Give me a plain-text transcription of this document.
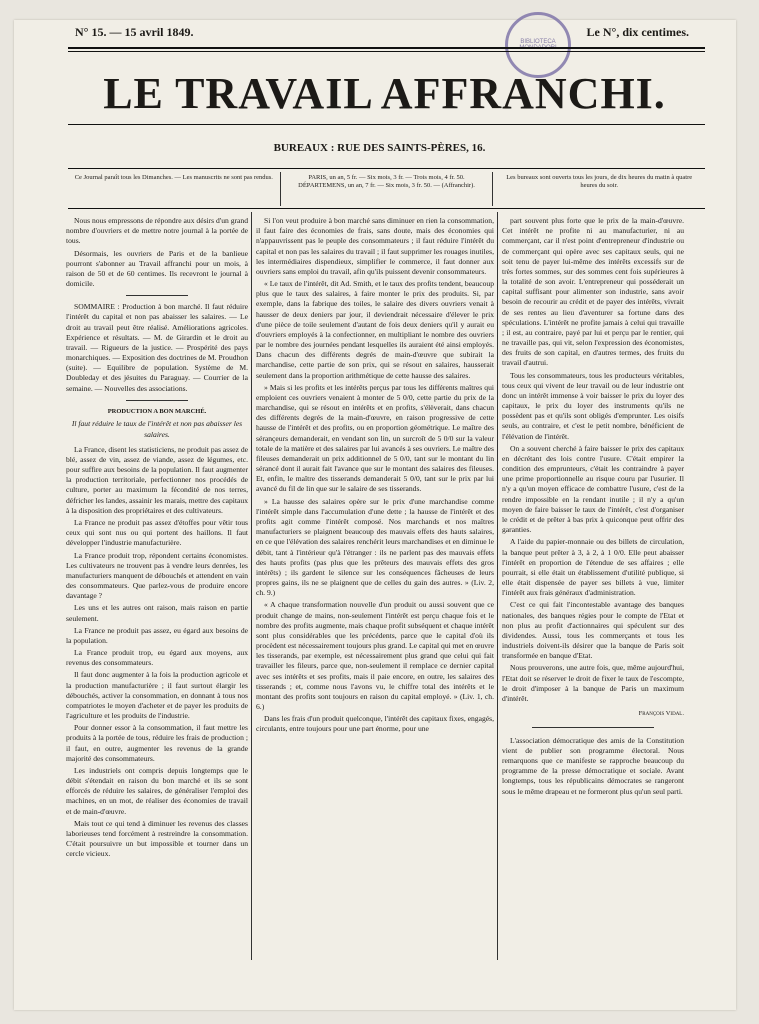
N° 15. — 15 avril 1849.	Le N°, dix centimes.
BIBLIOTECA
LE TRAVAIL AFFRANCHI.
BUREAUX : RUE DES SAINTS-PÈRES, 16.
Ce Journal paraît tous les Dimanches. — Les manuscrits ne sont pas rendus.	PARIS, un an, 5 fr. — Six mois, 3 fr. — Trois mois, 4 fr. 50. DÉPARTEMENS, un an, 7 fr. — Six mois, 3 fr. 50. — (Affranchir).
Les bureaux sont ouverts tous les jours, de dix heures du matin à quatre heures du soir.

Nous nous empressons de répondre aux désirs d'un grand nombre d'ouvriers et de mettre notre journal à la portée de tous.

Désormais, les ouvriers de Paris et de la banlieue pourront s'abonner au Travail affranchi pour un mois, à raison de 50 et de 60 centimes. Ils recevront le journal à domicile.

SOMMAIRE : Production à bon marché. Il faut réduire l'intérêt du capital et non pas abaisser les salaires. — Le droit au travail peut être réalisé. Améliorations agricoles. Expérience et résultats. — M. de Girardin et le droit au travail. — Rigueurs de la justice. — Prospérité des pays monarchiques. — Exposition des doctrines de M. Proudhon (suite). — Equilibre de population. Système de M. Doubleday et des jésuites du Paraguay. — Courrier de la semaine. — Nouvelles des associations.

PRODUCTION A BON MARCHÉ.

Il faut réduire le taux de l'intérêt et non pas abaisser les salaires.

La France, disent les statisticiens, ne produit pas assez de blé, assez de vin, assez de viande, assez de légumes, etc. pour suffire aux besoins de la population. Il faut augmenter la production territoriale, perfectionner nos procédés de culture, porter au maximum la fécondité de nos terres, défricher les landes, assainir les marais, mettre des capitaux à la disposition des propriétaires et des cultivateurs.

La France ne produit pas assez d'étoffes pour vêtir tous ceux qui sont nus ou qui portent des haillons. Il faut développer l'industrie manufacturière.

La France produit trop, répondent certains économistes. Les cultivateurs ne trouvent pas à vendre leurs denrées, les manufacturiers manquent de débouchés et attendent en vain des consommateurs. Que parlez-vous de produire encore davantage ?

Les uns et les autres ont raison, mais raison en partie seulement.

La France ne produit pas assez, eu égard aux besoins de la population.

La France produit trop, eu égard aux moyens, aux revenus des consommateurs.

Il faut donc augmenter à la fois la production agricole et la production manufacturière ; il faut surtout élargir les débouchés, activer la consommation, en donnant à tous nos compatriotes le moyen d'acheter et de payer les produits de l'agriculture et les produits de l'industrie.

Pour donner essor à la consommation, il faut mettre les produits à la portée de tous, réduire les frais de production ; il faut, en outre, augmenter les revenus de la grande majorité des consommateurs.

Les industriels ont compris depuis longtemps que le débit s'étendait en raison du bon marché et ils se sont efforcés de réduire les salaires, de généraliser l'emploi des machines, en un mot, de réaliser des économies de travail et de main-d'œuvre.

Mais tout ce qui tend à diminuer les revenus des classes laborieuses tend forcément à restreindre la consommation. C'était poursuivre un but impossible et tourner dans un cercle vicieux.

Si l'on veut produire à bon marché sans diminuer en rien la consommation, il faut faire des économies de frais, sans doute, mais des économies qui n'appauvrissent pas le peuple des consommateurs ; il faut réduire l'intérêt du capital et non pas les salaires du travail ; il faut supprimer les rouages inutiles, les intermédiaires dispendieux, simplifier le commerce, il faut donner aux ouvriers sans emploi du travail, afin qu'ils puissent devenir consommateurs.

« Le taux de l'intérêt, dit Ad. Smith, et le taux des profits tendent, beaucoup plus que le taux des salaires, à faire monter le prix des produits. Si, par exemple, dans la fabrique des toiles, le salaire des divers ouvriers venait à hausser de deux deniers par jour, il deviendrait nécessaire d'élever le prix d'une pièce de toile seulement d'autant de fois deux deniers qu'il y aurait eu d'ouvriers employés à la confectionner, en multipliant le nombre des ouvriers par le nombre des journées pendant lesquelles ils auraient été ainsi employés. Dans chacun des différents degrés de main-d'œuvre que subirait la marchandise, cette partie de son prix, qui se résout en salaires, hausserait seulement dans la proportion arithmétique de cette hausse des salaires.

» Mais si les profits et les intérêts perçus par tous les différents maîtres qui emploient ces ouvriers venaient à monter de 5 0/0, cette partie du prix de la marchandise, qui se résout en intérêts et en profits, s'élèverait, dans chacun des différents degrés de la main-d'œuvre, en raison progressive de cette hausse de l'intérêt et des profits, ou en proportion géométrique. Le maître des sérançeurs demanderait, en vendant son lin, un surcroît de 5 0/0 sur la valeur totale de la matière et des salaires par lui avancés à ses ouvriers. Le maître des fileuses demanderait un prix additionnel de 5 0/0, tant sur le montant du lin sérancé dont il aurait fait l'avance que sur le montant des salaires des fileuses. Et, enfin, le maître des tisserands demanderait 5 0/0, tant sur le prix par lui avancé du fil de lin que sur le salaire de ses tisserands.

» La hausse des salaires opère sur le prix d'une marchandise comme l'intérêt simple dans l'accumulation d'une dette ; la hausse de l'intérêt et des profits agit comme l'intérêt composé. Nos marchands et nos maîtres manufacturiers se plaignent beaucoup des mauvais effets des hauts salaires, en ce que l'élévation des salaires renchérit leurs marchandises et en diminue le débit, tant à l'intérieur qu'à l'étranger : ils ne parlent pas des mauvais effets des hauts profits (pas plus que les prêteurs des mauvais effets des gros intérêts) ; ils gardent le silence sur les conséquences fâcheuses de leurs propres gains, ils ne se plaignent que de celles du gain des autres. » (Liv. 2, ch. 9.)

« A chaque transformation nouvelle d'un produit ou aussi souvent que ce produit change de mains, non-seulement l'intérêt est perçu chaque fois et le nombre des profits augmente, mais chaque profit subséquent et chaque intérêt sont plus considérables que les précédents, parce que le capital d'où ils procèdent est nécessairement toujours plus grand. Le capital qui met en œuvre les tisserands, par exemple, est nécessairement plus grand que celui qui fait travailler les fileurs, parce que, non-seulement il remplace ce dernier capital avec ses intérêts et ses profits, mais il paie encore, en outre, les salaires des tisserands ; et, comme nous l'avons vu, le chiffre total des intérêts et le montant des profits sont toujours en raison du capital employé. » (Liv. 1, ch. 6.)

Dans les frais d'un produit quelconque, l'intérêt des capitaux fixes, engagés, circulants, entre toujours pour une part énorme, pour une

part souvent plus forte que le prix de la main-d'œuvre. Cet intérêt ne profite ni au manufacturier, ni au commerçant, car il n'est point d'entrepreneur d'industrie ou de commerçant qui opère avec ses capitaux seuls, qui ne soit tenu de payer lui-même des intérêts excessifs sur de très fortes sommes, sur des sommes cent fois supérieures à la totalité de son avoir. L'entrepreneur qui posséderait un capital suffisant pour alimenter son industrie, sans avoir besoin de recourir au crédit et de payer des intérêts, vivrait de ses rentes au lieu d'aventurer sa fortune dans des spéculations. L'intérêt ne profite jamais à celui qui travaille ; il est, au contraire, payé par lui et perçu par le rentier, qui ne travaille pas, qui vit, selon l'expression des économistes, des fruits de son capital, en d'autres termes, des fruits du travail d'autrui.

Tous les consommateurs, tous les producteurs véritables, tous ceux qui vivent de leur travail ou de leur industrie ont donc un intérêt immense à voir baisser le prix du loyer des capitaux, le prix du loyer des instruments qu'ils ne possèdent pas et qu'ils sont obligés d'emprunter. Les oisifs seuls, au contraire, et c'est le petit nombre, bénéficient de l'élévation de l'intérêt.

On a souvent cherché à faire baisser le prix des capitaux en décrétant des lois contre l'usure. C'était empirer la condition des emprunteurs, c'était les contraindre à payer une prime proportionnelle au risque couru par l'usurier. Il n'y a qu'un moyen efficace de combattre l'usure, c'est de la rendre impossible en la rendant inutile ; il n'y a qu'un moyen de faire baisser le taux de l'intérêt, c'est d'organiser le crédit et de prêter à bas prix à quiconque peut offrir des garanties.

A l'aide du papier-monnaie ou des billets de circulation, la banque peut prêter à 3, à 2, à 1 0/0. Elle peut abaisser l'intérêt en proportion de l'étendue de ses affaires ; elle pourrait, si elle était un établissement d'utilité publique, si elle était dispensée de payer ses billets à vue, limiter l'intérêt aux frais généraux d'administration.

C'est ce qui fait l'incontestable avantage des banques nationales, des banques régies pour le compte de l'Etat et non plus au profit d'actionnaires qui spéculent sur des dividendes. Aussi, tous les commerçants et tous les industriels doivent-ils désirer que la banque de Paris soit transformée en banque d'Etat.

Nous prouverons, une autre fois, que, même aujourd'hui, l'Etat doit se réserver le droit de fixer le taux de l'escompte, le droit d'imposer à la banque de Paris un maximum d'intérêt.

François Vidal.

L'association démocratique des amis de la Constitution vient de publier son programme électoral. Nous remarquons que ce manifeste se rapproche beaucoup du programme de la presse démocratique et sociale. Avant longtemps, tous les républicains démocrates se rangeront sous le même drapeau et ne formeront plus qu'un seul parti.
